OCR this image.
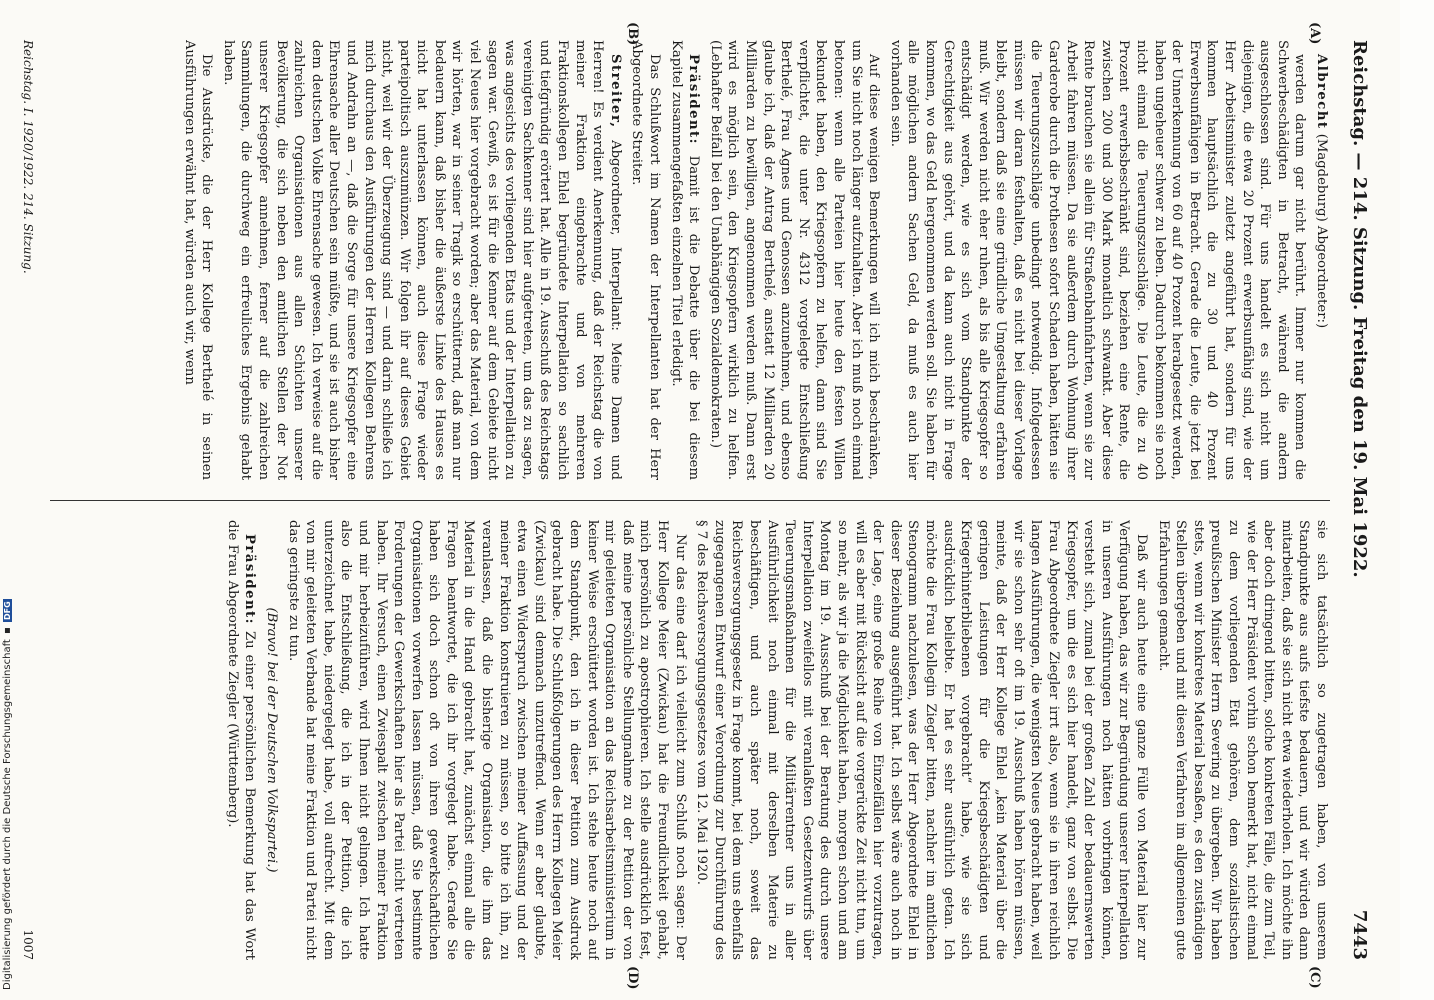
Reichstag. — 214. Sitzung. Freitag den 19. Mai 1922.
7443
(A)
(B)
(C)
(D)

Albrecht (Magdeburg) Abgeordneter:)

werden darum gar nicht berührt. Immer nur kommen die Schwerbeschädigten in Betracht, während die andern ausgeschlossen sind. Für uns handelt es sich nicht um diejenigen, die etwa 20 Prozent erwerbsunfähig sind, wie der Herr Arbeitsminister zuletzt angeführt hat, sondern für uns kommen hauptsächlich die zu 30 und 40 Prozent Erwerbsunfähigen in Betracht. Gerade die Leute, die jetzt bei der Unnerkennung von 60 auf 40 Prozent herabgesetzt werden, haben ungeheuer schwer zu leben. Dadurch bekommen sie noch nicht einmal die Teuerungszuschläge. Die Leute, die zu 40 Prozent erwerbsbeschränkt sind, beziehen eine Rente, die zwischen 200 und 300 Mark monatlich schwankt. Aber diese Rente brauchen sie allein für Straßenbahnfahrten, wenn sie zur Arbeit fahren müssen. Da sie außerdem durch Wohnung ihrer Garderobe durch die Prothesen sofort Schaden haben, hätten sie die Teuerungszuschläge unbedingt notwendig. Infolgedessen müssen wir daran festhalten, daß es nicht bei dieser Vorlage bleibt, sondern daß sie eine gründliche Umgestaltung erfahren muß. Wir werden nicht eher ruhen, als bis alle Kriegsopfer so entschädigt werden, wie es sich vom Standpunkte der Gerechtigkeit aus gehört, und da kann auch nicht in Frage kommen, wo das Geld hergenommen werden soll. Sie haben für alle möglichen andern Sachen Geld, da muß es auch hier vorhanden sein.

Auf diese wenigen Bemerkungen will ich mich beschränken, um Sie nicht noch länger aufzuhalten. Aber ich muß noch einmal betonen: wenn alle Parteien hier heute den festen Willen bekundet haben, den Kriegsopfern zu helfen, dann sind Sie verpflichtet, die unter Nr. 4312 vorgelegte Entschließung Berthelé, Frau Agnes und Genossen anzunehmen, und ebenso glaube ich, daß der Antrag Berthelé, anstatt 12 Milliarden 20 Milliarden zu bewilligen, angenommen werden muß. Dann erst wird es möglich sein, den Kriegsopfern wirklich zu helfen. (Lebhafter Beifall bei den Unabhängigen Sozialdemokraten.)

Präsident: Damit ist die Debatte über die bei diesem Kapitel zusammengefaßten einzelnen Titel erledigt.

Das Schlußwort im Namen der Interpellanten hat der Herr Abgeordnete Streiter.

Streiter, Abgeordneter, Interpellant: Meine Damen und Herren! Es verdient Anerkennung, daß der Reichstag die von meiner Fraktion eingebrachte und von mehreren Fraktionskollegen Ehlel begründete Interpellation so sachlich und tiefgründig erörtert hat. Alle in 19. Ausschuß des Reichstags vereinigten Sachkenner sind hier aufgetreten, um das zu sagen, was angesichts des vorliegenden Etats und der Interpellation zu sagen war. Gewiß, es ist für die Kenner auf dem Gebiete nicht viel Neues hier vorgebracht worden; aber das Material, von dem wir hörten, war in seiner Tragik so erschütternd, daß man nur bedauern kann, daß bisher die äußerste Linke des Hauses es nicht hat unterlassen können, auch diese Frage wieder parteipolitisch auszumünzen. Wir folgen ihr auf dieses Gebiet nicht, weil wir der Überzeugung sind — und darin schließe ich mich durchaus den Ausführungen der Herren Kollegen Behrens und Andrahn an —, daß die Sorge für unsere Kriegsopfer eine Ehrensache aller Deutschen sein müßte, und sie ist auch bisher dem deutschen Volke Ehrensache gewesen. Ich verweise auf die zahlreichen Organisationen aus allen Schichten unserer Bevölkerung, die sich neben den amtlichen Stellen der Not unserer Kriegsopfer annehmen, ferner auf die zahlreichen Sammlungen, die durchweg ein erfreuliches Ergebnis gehabt haben.

Die Ausdrücke, die der Herr Kollege Berthelé in seinen Ausführungen erwähnt hat, würden auch wir, wenn

sie sich tatsächlich so zugetragen haben, von unserem Standpunkte aus aufs tiefste bedauern, und wir würden dann mitarbeiten, daß sie sich nicht etwa wiederholen. Ich möchte ihn aber doch dringend bitten, solche konkreten Fälle, die zum Teil, wie der Herr Präsident vorhin schon bemerkt hat, nicht einmal zu dem vorliegenden Etat gehören, dem sozialistischen preußischen Minister Herrn Severing zu übergeben. Wir haben stets, wenn wir konkretes Material besaßen, es den zuständigen Stellen übergeben und mit diesen Verfahren im allgemeinen gute Erfahrungen gemacht.

Daß wir auch heute eine ganze Fülle von Material hier zur Verfügung haben, das wir zur Begründung unserer Interpellation in unseren Ausführungen noch hätten vorbringen können, versteht sich, zumal bei der großen Zahl der bedauernswerten Kriegsopfer, um die es sich hier handelt, ganz von selbst. Die Frau Abgeordnete Ziegler irrt also, wenn sie in ihren reichlich langen Ausführungen, die wenigsten Neues gebracht haben, weil wir sie schon sehr oft im 19. Ausschuß haben hören müssen, meinte, daß der Herr Kollege Ehlel „kein Material über die geringen Leistungen für die Kriegsbeschädigten und Kriegerhinterbliebenen vorgebracht“ habe, wie sie sich ausdrücklich beliebte. Er hat es sehr ausführlich getan. Ich möchte die Frau Kollegin Ziegler bitten, nachher im amtlichen Stenogramm nachzulesen, was der Herr Abgeordnete Ehlel in dieser Beziehung ausgeführt hat. Ich selbst wäre auch noch in der Lage, eine große Reihe von Einzelfällen hier vorzutragen, will es aber mit Rücksicht auf die vorgerückte Zeit nicht tun, um so mehr, als wir ja die Möglichkeit haben, morgen schon und am Montag im 19. Ausschuß bei der Beratung des durch unsere Interpellation zweifellos mit veranlaßten Gesetzentwurfs über Teuerungsmaßnahmen für die Militärrentner uns in aller Ausführlichkeit noch einmal mit derselben Materie zu beschäftigen, und auch später noch, soweit das Reichsversorgungsgesetz in Frage kommt, bei dem uns ebenfalls zugegangenen Entwurf einer Verordnung zur Durchführung des § 7 des Reichsversorgungsgesetzes vom 12. Mai 1920.

Nur das eine darf ich vielleicht zum Schluß noch sagen: Der Herr Kollege Meier (Zwickau) hat die Freundlichkeit gehabt, mich persönlich zu apostrophieren. Ich stelle ausdrücklich fest, daß meine persönliche Stellungnahme zu der Petition der von mir geleiteten Organisation an das Reichsarbeitsministerium in keiner Weise erschüttert worden ist. Ich stehe heute noch auf dem Standpunkt, den ich in dieser Petition zum Ausdruck gebracht habe. Die Schlußfolgerungen des Herrn Kollegen Meier (Zwickau) sind demnach unzutreffend. Wenn er aber glaubte, etwa einen Widerspruch zwischen meiner Auffassung und der meiner Fraktion konstruieren zu müssen, so bitte ich ihn, zu veranlassen, daß die bisherige Organisation, die ihm das Material in die Hand gebracht hat, zunächst einmal alle die Fragen beantwortet, die ich ihr vorgelegt habe. Gerade Sie haben sich doch schon oft von ihren gewerkschaftlichen Organisationen vorwerfen lassen müssen, daß Sie bestimmte Forderungen der Gewerkschaften hier als Partei nicht vertreten haben. Ihr Versuch, einen Zwiespalt zwischen meiner Fraktion und mir herbeizuführen, wird Ihnen nicht gelingen. Ich hatte also die Entschließung, die ich in der Petition, die ich unterzeichnet habe, niedergelegt habe, voll aufrecht. Mit dem von mir geleiteten Verbande hat meine Fraktion und Partei nicht das geringste zu tun.

(Bravo! bei der Deutschen Volkspartei.)

Präsident: Zu einer persönlichen Bemerkung hat das Wort die Frau Abgeordnete Ziegler (Württemberg).

Reichstag. I. 1920/1922. 214. Sitzung.
1007
Digitalisierung gefördert durch die Deutsche Forschungsgemeinschaft ▪ DFG
